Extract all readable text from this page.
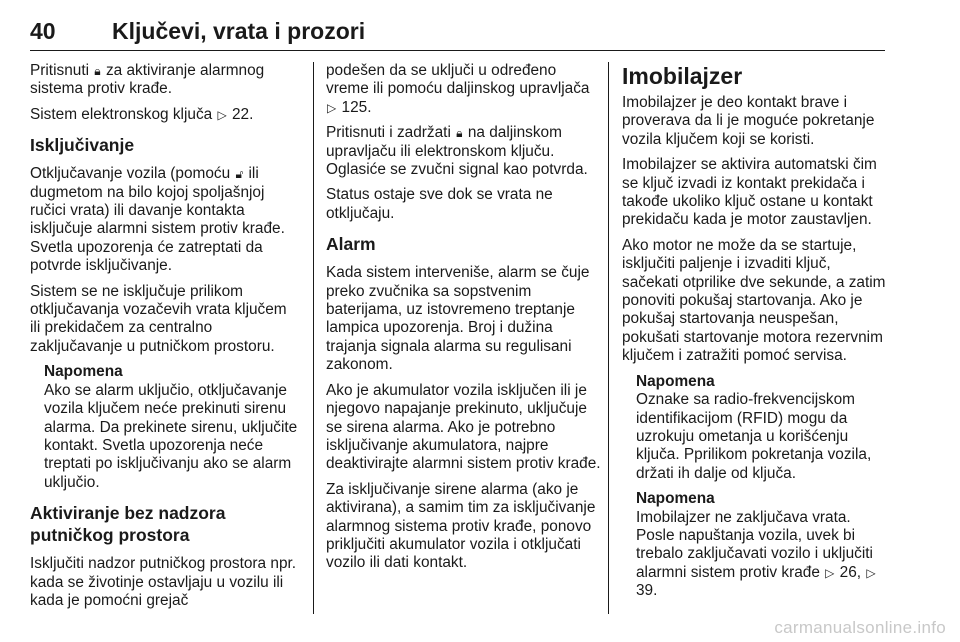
40 Ključevi, vrata i prozori

Pritisnuti 🔒︎ za aktiviranje alarmnog sistema protiv krađe.

Sistem elektronskog ključa ▷ 22.

Isključivanje

Otključavanje vozila (pomoću 🔓︎ ili dugmetom na bilo kojoj spoljašnjoj ručici vrata) ili davanje kontakta isključuje alarmni sistem protiv krađe. Svetla upozorenja će zatreptati da potvrde isključivanje.

Sistem se ne isključuje prilikom otključavanja vozačevih vrata ključem ili prekidačem za centralno zaključavanje u putničkom prostoru.

Napomena
Ako se alarm uključio, otključavanje vozila ključem neće prekinuti sirenu alarma. Da prekinete sirenu, uključite kontakt. Svetla upozorenja neće treptati po isključivanju ako se alarm uključio.
Aktiviranje bez nadzora putničkog prostora

Isključiti nadzor putničkog prostora npr. kada se životinje ostavljaju u vozilu ili kada je pomoćni grejač

podešen da se uključi u određeno vreme ili pomoću daljinskog upravljača ▷ 125.

Pritisnuti i zadržati 🔒︎ na daljinskom upravljaču ili elektronskom ključu. Oglasiće se zvučni signal kao potvrda.

Status ostaje sve dok se vrata ne otključaju.

Alarm

Kada sistem interveniše, alarm se čuje preko zvučnika sa sopstvenim baterijama, uz istovremeno treptanje lampica upozorenja. Broj i dužina trajanja signala alarma su regulisani zakonom.

Ako je akumulator vozila isključen ili je njegovo napajanje prekinuto, uključuje se sirena alarma. Ako je potrebno isključivanje akumulatora, najpre deaktivirajte alarmni sistem protiv krađe.

Za isključivanje sirene alarma (ako je aktivirana), a samim tim za isključivanje alarmnog sistema protiv krađe, ponovo priključiti akumulator vozila i otključati vozilo ili dati kontakt.

Imobilajzer

Imobilajzer je deo kontakt brave i proverava da li je moguće pokretanje vozila ključem koji se koristi.

Imobilajzer se aktivira automatski čim se ključ izvadi iz kontakt prekidača i takođe ukoliko ključ ostane u kontakt prekidaču kada je motor zaustavljen.

Ako motor ne može da se startuje, isključiti paljenje i izvaditi ključ, sačekati otprilike dve sekunde, a zatim ponoviti pokušaj startovanja. Ako je pokušaj startovanja neuspešan, pokušati startovanje motora rezervnim ključem i zatražiti pomoć servisa.

Napomena
Oznake sa radio-frekvencijskom identifikacijom (RFID) mogu da uzrokuju ometanja u korišćenju ključa. Pprilikom pokretanja vozila, držati ih dalje od ključa.
Napomena
Imobilajzer ne zaključava vrata. Posle napuštanja vozila, uvek bi trebalo zaključavati vozilo i uključiti alarmni sistem protiv krađe ▷ 26, ▷ 39.
carmanualsonline.info
